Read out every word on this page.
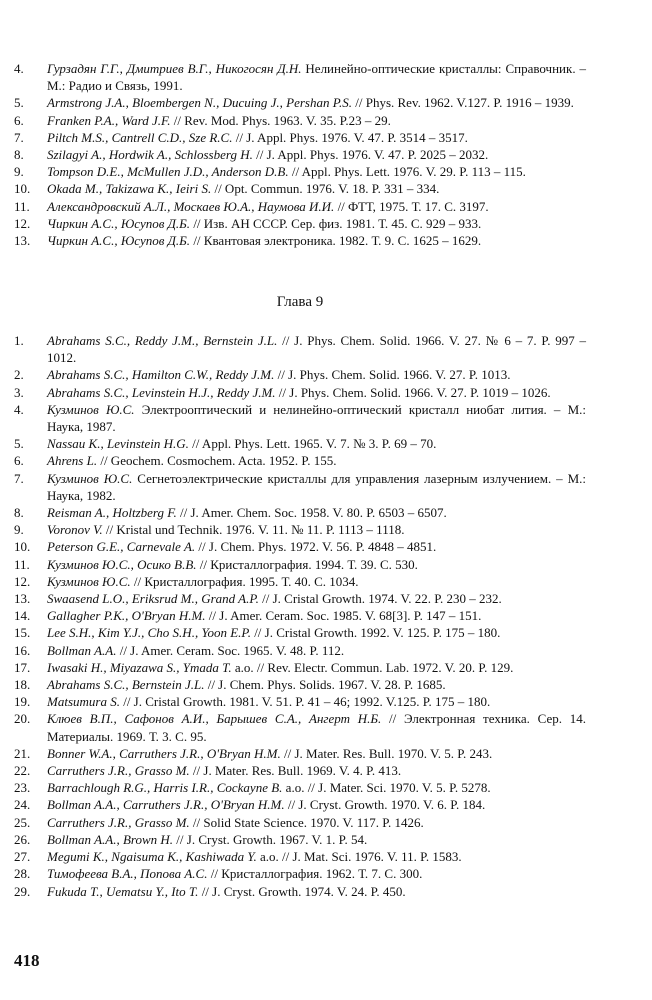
4.	Гурзадян Г.Г., Дмитриев В.Г., Никогосян Д.Н. Нелинейно-оптические кристаллы: Справочник. – М.: Радио и Связь, 1991.
5.	Armstrong J.A., Bloembergen N., Ducuing J., Pershan P.S. // Phys. Rev. 1962. V.127. P. 1916 – 1939.
6.	Franken P.A., Ward J.F. // Rev. Mod. Phys. 1963. V. 35. P.23 – 29.
7.	Piltch M.S., Cantrell C.D., Sze R.C. // J. Appl. Phys. 1976. V. 47. P. 3514 – 3517.
8.	Szilagyi A., Hordwik A., Schlossberg H. // J. Appl. Phys. 1976. V. 47. P. 2025 – 2032.
9.	Tompson D.E., McMullen J.D., Anderson D.B. // Appl. Phys. Lett. 1976. V. 29. P. 113 – 115.
10.	Okada M., Takizawa K., Ieiri S. // Opt. Commun. 1976. V. 18. P. 331 – 334.
11.	Александровский А.Л., Москаев Ю.А., Наумова И.И. // ФТТ, 1975. Т. 17. С. 3197.
12.	Чиркин А.С., Юсупов Д.Б. // Изв. АН СССР. Сер. физ. 1981. Т. 45. С. 929 – 933.
13.	Чиркин А.С., Юсупов Д.Б. // Квантовая электроника. 1982. Т. 9. С. 1625 – 1629.
Глава 9
1.	Abrahams S.C., Reddy J.M., Bernstein J.L. // J. Phys. Chem. Solid. 1966. V. 27. № 6 – 7. P. 997 – 1012.
2.	Abrahams S.C., Hamilton C.W., Reddy J.M. // J. Phys. Chem. Solid. 1966. V. 27. P. 1013.
3.	Abrahams S.C., Levinstein H.J., Reddy J.M. // J. Phys. Chem. Solid. 1966. V. 27. P. 1019 – 1026.
4.	Кузминов Ю.С. Электрооптический и нелинейно-оптический кристалл ниобат лития. – М.: Наука, 1987.
5.	Nassau K., Levinstein H.G. // Appl. Phys. Lett. 1965. V. 7. № 3. P. 69 – 70.
6.	Ahrens L. // Geochem. Cosmochem. Acta. 1952. P. 155.
7.	Кузминов Ю.С. Сегнетоэлектрические кристаллы для управления лазерным излучением. – М.: Наука, 1982.
8.	Reisman A., Holtzberg F. // J. Amer. Chem. Soc. 1958. V. 80. P. 6503 – 6507.
9.	Voronov V. // Kristal und Technik. 1976. V. 11. № 11. P. 1113 – 1118.
10.	Peterson G.E., Carnevale A. // J. Chem. Phys. 1972. V. 56. P. 4848 – 4851.
11.	Кузминов Ю.С., Осико В.В. // Кристаллография. 1994. Т. 39. С. 530.
12.	Кузминов Ю.С. // Кристаллография. 1995. Т. 40. С. 1034.
13.	Swaasend L.O., Eriksrud M., Grand A.P. // J. Cristal Growth. 1974. V. 22. P. 230 – 232.
14.	Gallagher P.K., O'Bryan H.M. // J. Amer. Ceram. Soc. 1985. V. 68[3]. P. 147 – 151.
15.	Lee S.H., Kim Y.J., Cho S.H., Yoon E.P. // J. Cristal Growth. 1992. V. 125. P. 175 – 180.
16.	Bollman A.A. // J. Amer. Ceram. Soc. 1965. V. 48. P. 112.
17.	Iwasaki H., Miyazawa S., Ymada T. a.o. // Rev. Electr. Commun. Lab. 1972. V. 20. P. 129.
18.	Abrahams S.C., Bernstein J.L. // J. Chem. Phys. Solids. 1967. V. 28. P. 1685.
19.	Matsumura S. // J. Cristal Growth. 1981. V. 51. P. 41 – 46; 1992. V.125. P. 175 – 180.
20.	Клюев В.П., Сафонов А.И., Барышев С.А., Ангерт Н.Б. // Электронная техника. Сер. 14. Материалы. 1969. Т. 3. С. 95.
21.	Bonner W.A., Carruthers J.R., O'Bryan H.M. // J. Mater. Res. Bull. 1970. V. 5. P. 243.
22.	Carruthers J.R., Grasso M. // J. Mater. Res. Bull. 1969. V. 4. P. 413.
23.	Barrachlough R.G., Harris I.R., Cockayne B. a.o. // J. Mater. Sci. 1970. V. 5. P. 5278.
24.	Bollman A.A., Carruthers J.R., O'Bryan H.M. // J. Cryst. Growth. 1970. V. 6. P. 184.
25.	Carruthers J.R., Grasso M. // Solid State Science. 1970. V. 117. P. 1426.
26.	Bollman A.A., Brown H. // J. Cryst. Growth. 1967. V. 1. P. 54.
27.	Megumi K., Ngaisuma K., Kashiwada Y. a.o. // J. Mat. Sci. 1976. V. 11. P. 1583.
28.	Тимофеева В.А., Попова А.С. // Кристаллография. 1962. Т. 7. С. 300.
29.	Fukuda T., Uematsu Y., Ito T. // J. Cryst. Growth. 1974. V. 24. P. 450.
418
